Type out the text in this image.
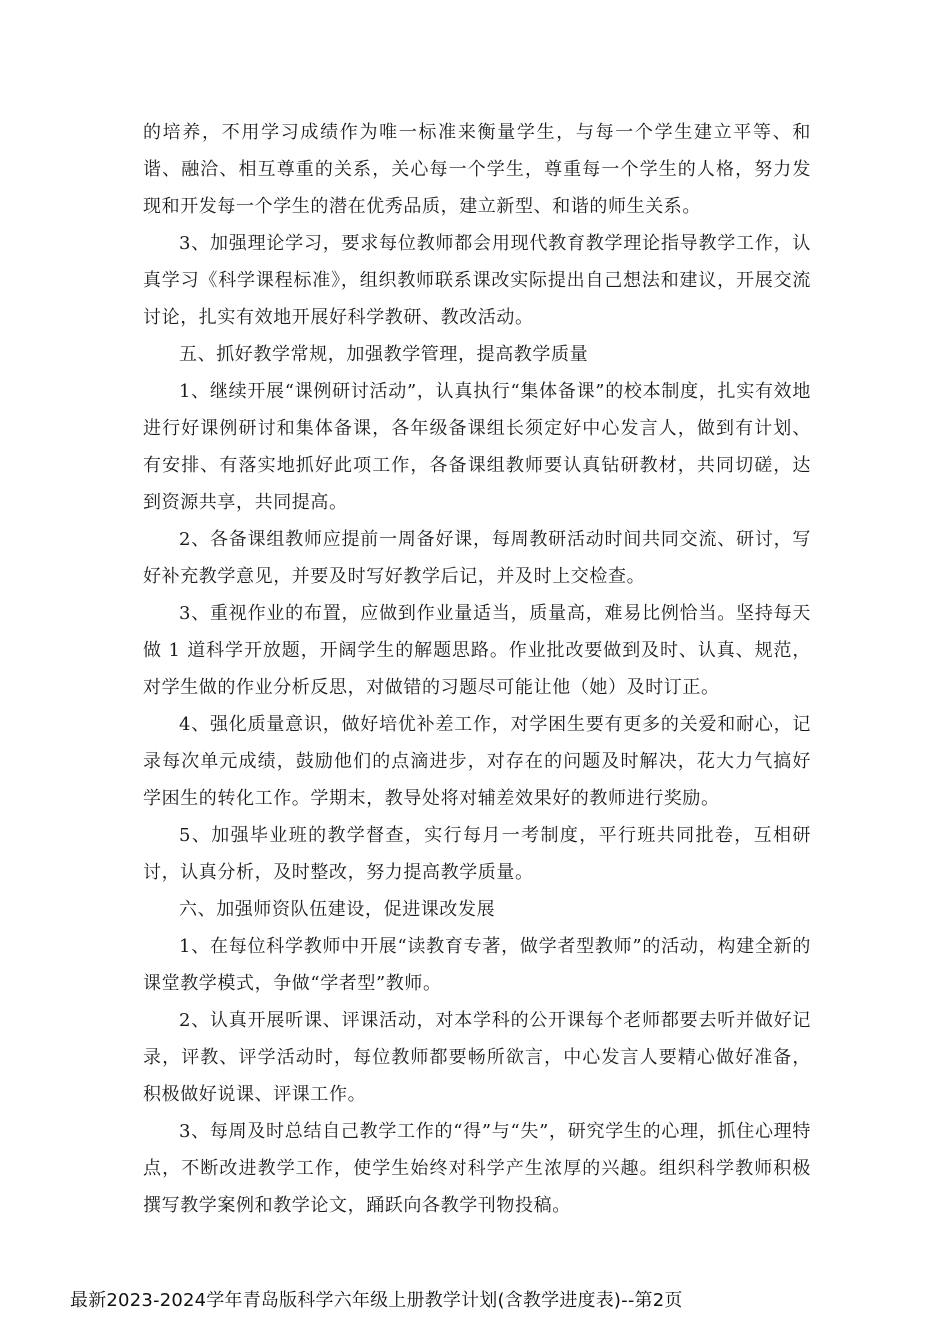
的培养，不用学习成绩作为唯一标准来衡量学生，与每一个学生建立平等、和谐、融洽、相互尊重的关系，关心每一个学生，尊重每一个学生的人格，努力发现和开发每一个学生的潜在优秀品质，建立新型、和谐的师生关系。

3、加强理论学习，要求每位教师都会用现代教育教学理论指导教学工作，认真学习《科学课程标准》，组织教师联系课改实际提出自己想法和建议，开展交流讨论，扎实有效地开展好科学教研、教改活动。

五、抓好教学常规，加强教学管理，提高教学质量

1、继续开展“课例研讨活动”，认真执行“集体备课”的校本制度，扎实有效地进行好课例研讨和集体备课，各年级备课组长须定好中心发言人，做到有计划、有安排、有落实地抓好此项工作，各备课组教师要认真钻研教材，共同切磋，达到资源共享，共同提高。

2、各备课组教师应提前一周备好课，每周教研活动时间共同交流、研讨，写好补充教学意见，并要及时写好教学后记，并及时上交检查。

3、重视作业的布置，应做到作业量适当，质量高，难易比例恰当。坚持每天做 1 道科学开放题，开阔学生的解题思路。作业批改要做到及时、认真、规范，对学生做的作业分析反思，对做错的习题尽可能让他（她）及时订正。

4、强化质量意识，做好培优补差工作，对学困生要有更多的关爱和耐心，记录每次单元成绩，鼓励他们的点滴进步，对存在的问题及时解决，花大力气搞好学困生的转化工作。学期末，教导处将对辅差效果好的教师进行奖励。

5、加强毕业班的教学督查，实行每月一考制度，平行班共同批卷，互相研讨，认真分析，及时整改，努力提高教学质量。

六、加强师资队伍建设，促进课改发展

1、在每位科学教师中开展“读教育专著，做学者型教师”的活动，构建全新的课堂教学模式，争做“学者型”教师。

2、认真开展听课、评课活动，对本学科的公开课每个老师都要去听并做好记录，评教、评学活动时，每位教师都要畅所欲言，中心发言人要精心做好准备，积极做好说课、评课工作。

3、每周及时总结自己教学工作的“得”与“失”，研究学生的心理，抓住心理特点，不断改进教学工作，使学生始终对科学产生浓厚的兴趣。组织科学教师积极撰写教学案例和教学论文，踊跃向各教学刊物投稿。

最新2023-2024学年青岛版科学六年级上册教学计划(含教学进度表)--第2页
